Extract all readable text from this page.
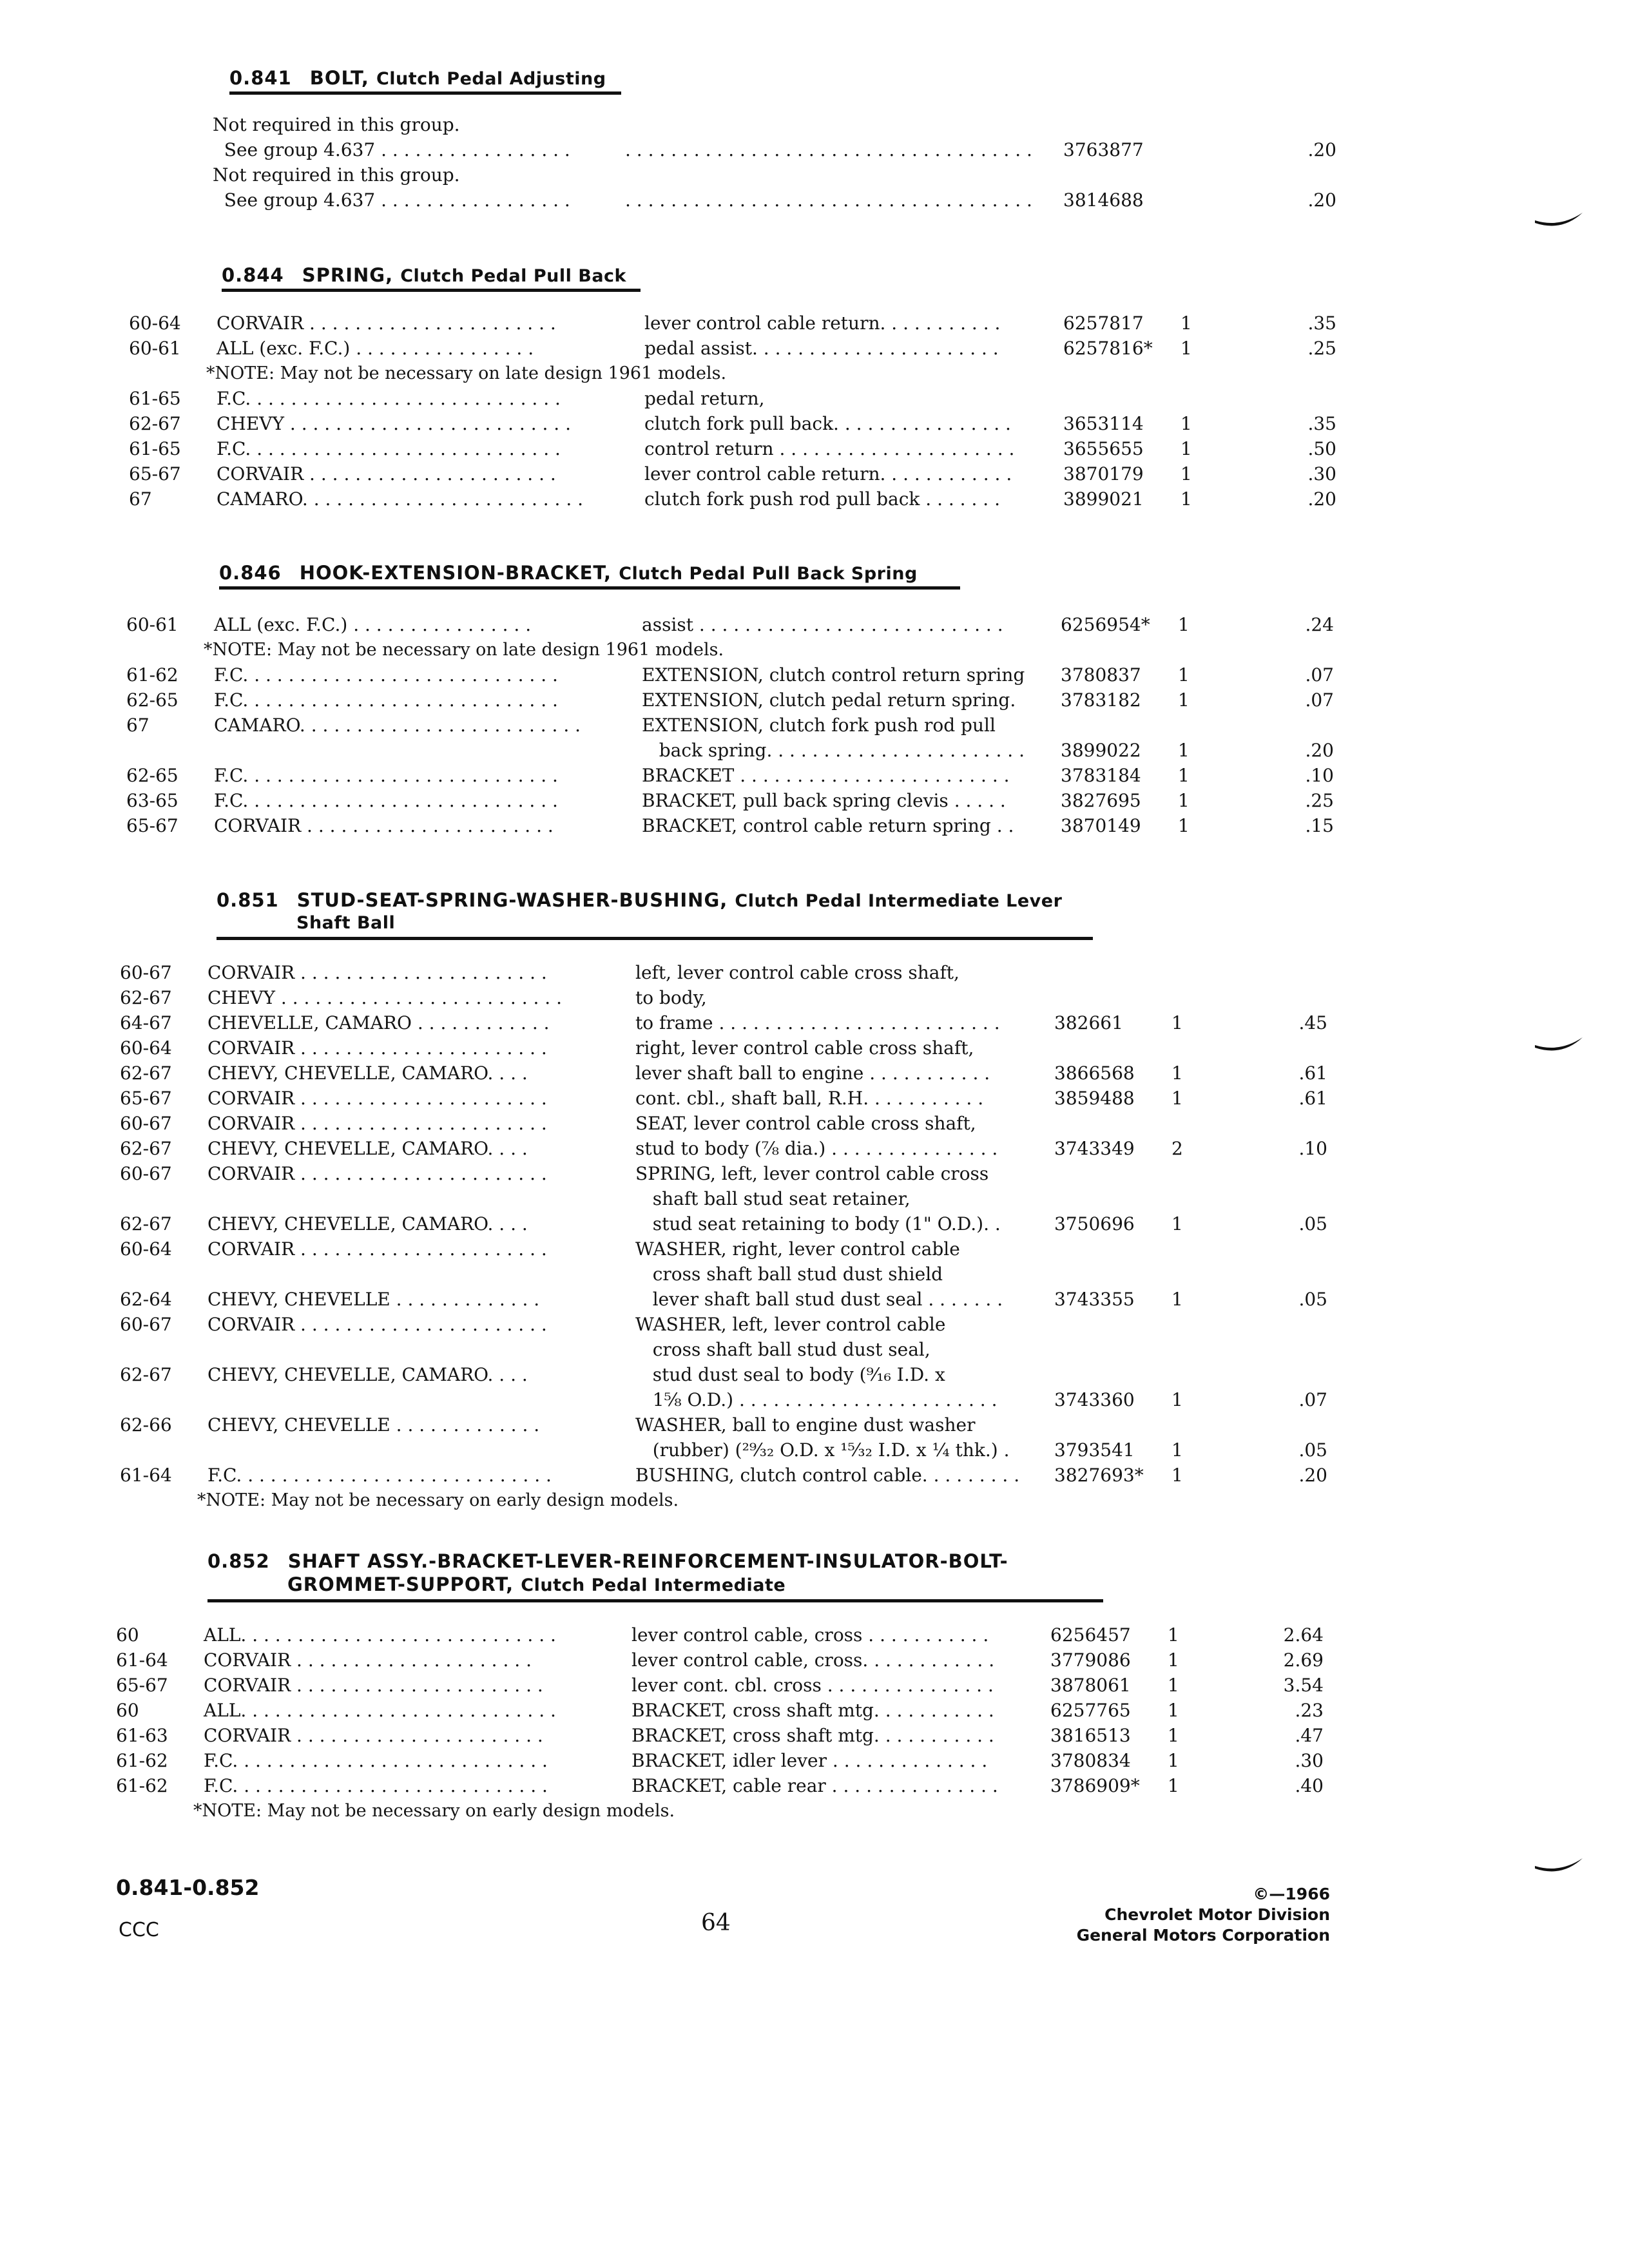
0.841 BOLT, Clutch Pedal Adjusting
Not required in this group.
See group 4.637 . . . . . . . . . . . . . . . . .	. . . . . . . . . . . . . . . . . . . . . . . . . . . . . . . . . . . . 3763877	.20
Not required in this group.
See group 4.637 . . . . . . . . . . . . . . . . .	. . . . . . . . . . . . . . . . . . . . . . . . . . . . . . . . . . . . 3814688	.20
0.844 SPRING, Clutch Pedal Pull Back
60-64 CORVAIR . . . . . . . . . . . . . . . . . . . . . .	lever control cable return. . . . . . . . . . .	6257817 1	.35
60-61 ALL (exc. F.C.) . . . . . . . . . . . . . . . .	pedal assist. . . . . . . . . . . . . . . . . . . . . .	6257816* 1	.25
*NOTE: May not be necessary on late design 1961 models.
61-65 F.C. . . . . . . . . . . . . . . . . . . . . . . . . . . .	pedal return,
62-67 CHEVY . . . . . . . . . . . . . . . . . . . . . . . . .	clutch fork pull back. . . . . . . . . . . . . . . .	3653114 1	.35
61-65 F.C. . . . . . . . . . . . . . . . . . . . . . . . . . . .	control return . . . . . . . . . . . . . . . . . . . . .	3655655 1	.50
65-67 CORVAIR . . . . . . . . . . . . . . . . . . . . . .	lever control cable return. . . . . . . . . . . .	3870179 1	.30
67	CAMARO. . . . . . . . . . . . . . . . . . . . . . . . .	clutch fork push rod pull back . . . . . . .	3899021 1	.20
0.846 HOOK-EXTENSION-BRACKET, Clutch Pedal Pull Back Spring
60-61 ALL (exc. F.C.) . . . . . . . . . . . . . . . .	assist . . . . . . . . . . . . . . . . . . . . . . . . . . .	6256954* 1	.24
*NOTE: May not be necessary on late design 1961 models.
61-62 F.C. . . . . . . . . . . . . . . . . . . . . . . . . . . .	EXTENSION, clutch control return spring 3780837 1	.07
62-65 F.C. . . . . . . . . . . . . . . . . . . . . . . . . . . .	EXTENSION, clutch pedal return spring. 3783182 1	.07
67	CAMARO. . . . . . . . . . . . . . . . . . . . . . . . .	EXTENSION, clutch fork push rod pull
back spring. . . . . . . . . . . . . . . . . . . . . . . 3899022 1	.20
62-65 F.C. . . . . . . . . . . . . . . . . . . . . . . . . . . .	BRACKET . . . . . . . . . . . . . . . . . . . . . . . .	3783184 1	.10
63-65 F.C. . . . . . . . . . . . . . . . . . . . . . . . . . . .	BRACKET, pull back spring clevis . . . . .	3827695 1	.25
65-67 CORVAIR . . . . . . . . . . . . . . . . . . . . . .	BRACKET, control cable return spring . .	3870149 1	.15
0.851 STUD-SEAT-SPRING-WASHER-BUSHING, Clutch Pedal Intermediate Lever
Shaft Ball
60-67 CORVAIR . . . . . . . . . . . . . . . . . . . . . .	left, lever control cable cross shaft,
62-67 CHEVY . . . . . . . . . . . . . . . . . . . . . . . . .	to body,
64-67 CHEVELLE, CAMARO . . . . . . . . . . . .	to frame . . . . . . . . . . . . . . . . . . . . . . . . .	382661	1	.45
60-64 CORVAIR . . . . . . . . . . . . . . . . . . . . . .	right, lever control cable cross shaft,
62-67 CHEVY, CHEVELLE, CAMARO. . . .	lever shaft ball to engine . . . . . . . . . . .	3866568 1	.61
65-67 CORVAIR . . . . . . . . . . . . . . . . . . . . . .	cont. cbl., shaft ball, R.H. . . . . . . . . . .	3859488 1	.61
60-67 CORVAIR . . . . . . . . . . . . . . . . . . . . . .	SEAT, lever control cable cross shaft,
62-67 CHEVY, CHEVELLE, CAMARO. . . .	stud to body (⅞ dia.) . . . . . . . . . . . . . . .	3743349 2	.10
60-67 CORVAIR . . . . . . . . . . . . . . . . . . . . . .	SPRING, left, lever control cable cross
shaft ball stud seat retainer,
62-67 CHEVY, CHEVELLE, CAMARO. . . .	stud seat retaining to body (1" O.D.). .	3750696 1	.05
60-64 CORVAIR . . . . . . . . . . . . . . . . . . . . . .	WASHER, right, lever control cable
cross shaft ball stud dust shield
62-64 CHEVY, CHEVELLE . . . . . . . . . . . . .	lever shaft ball stud dust seal . . . . . . .	3743355 1	.05
60-67 CORVAIR . . . . . . . . . . . . . . . . . . . . . .	WASHER, left, lever control cable
cross shaft ball stud dust seal,
62-67 CHEVY, CHEVELLE, CAMARO. . . .	stud dust seal to body (⁹⁄₁₆ I.D. x
1⅝ O.D.) . . . . . . . . . . . . . . . . . . . . . . .	3743360 1	.07
62-66 CHEVY, CHEVELLE . . . . . . . . . . . . .	WASHER, ball to engine dust washer
(rubber) (²⁹⁄₃₂ O.D. x ¹⁵⁄₃₂ I.D. x ¼ thk.) . 3793541 1	.05
61-64 F.C. . . . . . . . . . . . . . . . . . . . . . . . . . . .	BUSHING, clutch control cable. . . . . . . . . 3827693* 1	.20
*NOTE: May not be necessary on early design models.
0.852 SHAFT ASSY.-BRACKET-LEVER-REINFORCEMENT-INSULATOR-BOLT-
GROMMET-SUPPORT, Clutch Pedal Intermediate
60	ALL. . . . . . . . . . . . . . . . . . . . . . . . . . . .	lever control cable, cross . . . . . . . . . . .	6256457 1	2.64
61-64 CORVAIR . . . . . . . . . . . . . . . . . . . . .	lever control cable, cross. . . . . . . . . . . .	3779086 1	2.69
65-67 CORVAIR . . . . . . . . . . . . . . . . . . . . . .	lever cont. cbl. cross . . . . . . . . . . . . . . .	3878061 1	3.54
60	ALL. . . . . . . . . . . . . . . . . . . . . . . . . . . .	BRACKET, cross shaft mtg. . . . . . . . . . .	6257765 1	.23
61-63 CORVAIR . . . . . . . . . . . . . . . . . . . . . .	BRACKET, cross shaft mtg. . . . . . . . . . .	3816513 1	.47
61-62 F.C. . . . . . . . . . . . . . . . . . . . . . . . . . . .	BRACKET, idler lever . . . . . . . . . . . . . .	3780834 1	.30
61-62 F.C. . . . . . . . . . . . . . . . . . . . . . . . . . . .	BRACKET, cable rear . . . . . . . . . . . . . . .	3786909* 1	.40
*NOTE: May not be necessary on early design models.
0.841-0.852
CCC	64
©—1966
Chevrolet Motor Division
General Motors Corporation
